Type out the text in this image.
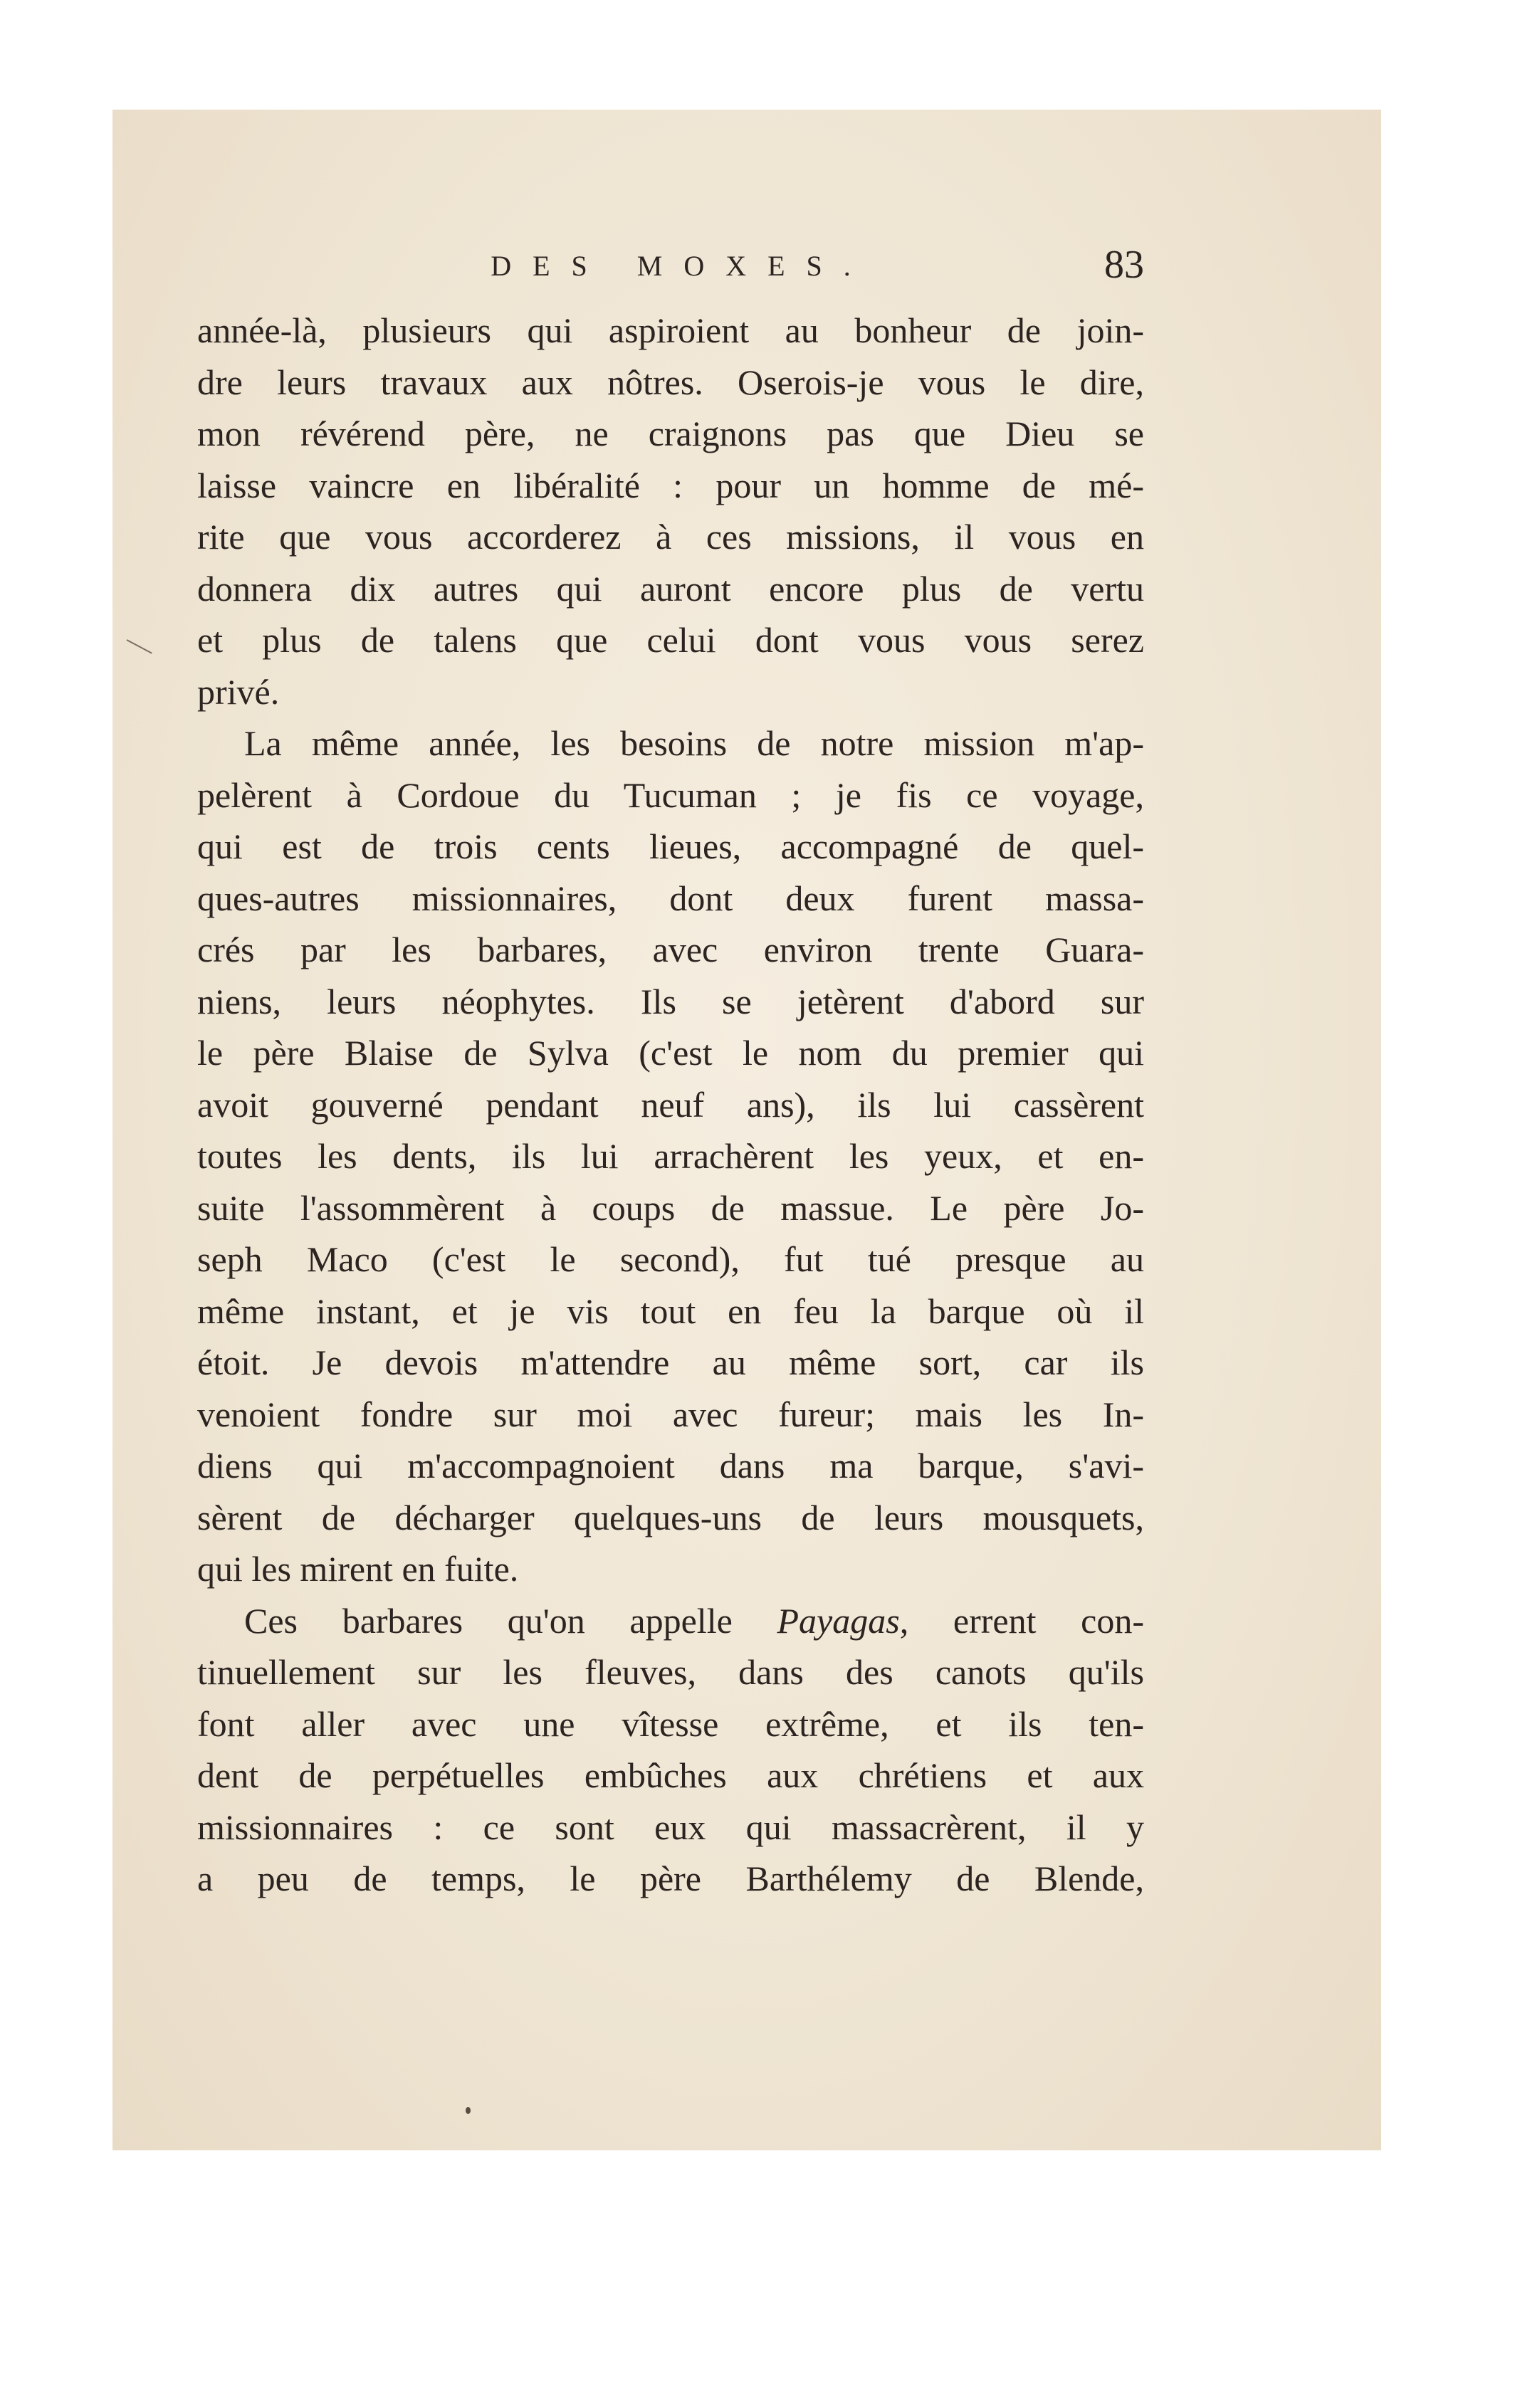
DES MOXES.	83
année-là, plusieurs qui aspiroient au bonheur de join-
dre leurs travaux aux nôtres. Oserois-je vous le dire,
mon révérend père, ne craignons pas que Dieu se
laisse vaincre en libéralité : pour un homme de mé-
rite que vous accorderez à ces missions, il vous en
donnera dix autres qui auront encore plus de vertu
et plus de talens que celui dont vous vous serez
privé.
La même année, les besoins de notre mission m'ap-
pelèrent à Cordoue du Tucuman ; je fis ce voyage,
qui est de trois cents lieues, accompagné de quel-
ques-autres missionnaires, dont deux furent massa-
crés par les barbares, avec environ trente Guara-
niens, leurs néophytes. Ils se jetèrent d'abord sur
le père Blaise de Sylva (c'est le nom du premier qui
avoit gouverné pendant neuf ans), ils lui cassèrent
toutes les dents, ils lui arrachèrent les yeux, et en-
suite l'assommèrent à coups de massue. Le père Jo-
seph Maco (c'est le second), fut tué presque au
même instant, et je vis tout en feu la barque où il
étoit. Je devois m'attendre au même sort, car ils
venoient fondre sur moi avec fureur; mais les In-
diens qui m'accompagnoient dans ma barque, s'avi-
sèrent de décharger quelques-uns de leurs mousquets,
qui les mirent en fuite.
Ces barbares qu'on appelle Payagas, errent con-
tinuellement sur les fleuves, dans des canots qu'ils
font aller avec une vîtesse extrême, et ils ten-
dent de perpétuelles embûches aux chrétiens et aux
missionnaires : ce sont eux qui massacrèrent, il y
a peu de temps, le père Barthélemy de Blende,
